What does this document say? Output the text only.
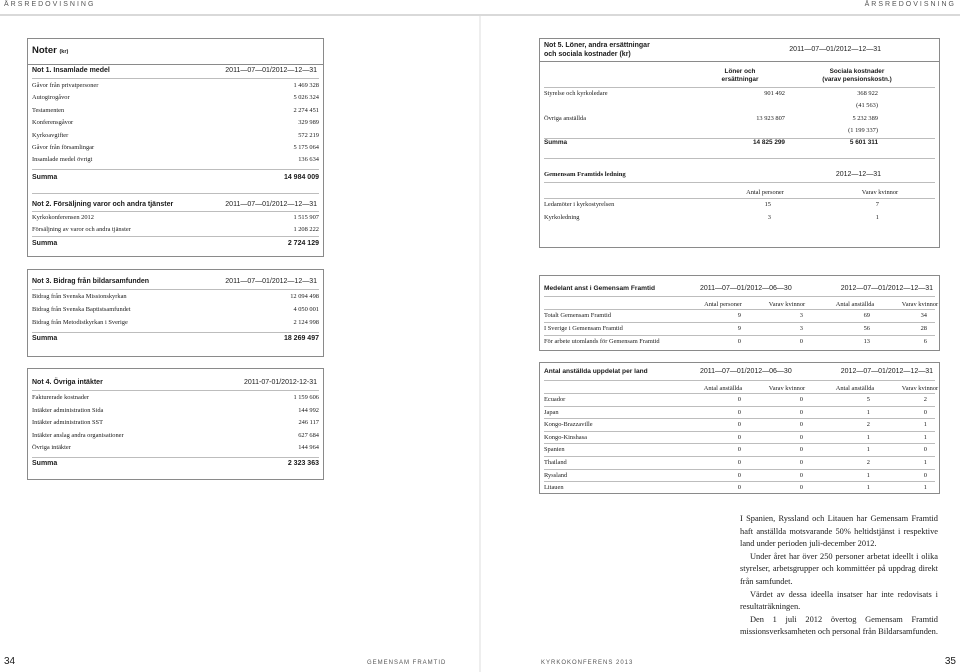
ÅRSREDOVISNING	ÅRSREDOVISNING
Noter (kr)
Not 1. Insamlade medel	2011—07—01/2012—12—31
Gåvor från privatpersoner	1 469 328
Autogirogåvor	5 026 324
Testamenten	2 274 451
Konferensgåvor	329 989
Kyrkoavgifter	572 219
Gåvor från församlingar	5 175 064
Insamlade medel övrigt	136 634
Summa	14 984 009
Not 2. Försäljning varor och andra tjänster	2011—07—01/2012—12—31
Kyrkokonferensen 2012	1 515 907
Försäljning av varor och andra tjänster	1 208 222
Summa	2 724 129
Not 3. Bidrag från bildarsamfunden	2011—07—01/2012—12—31
Bidrag från Svenska Missionskyrkan	12 094 498
Bidrag från Svenska Baptistsamfundet	4 050 001
Bidrag från Metodistkyrkan i Sverige	2 124 998
Summa	18 269 497
Not 4. Övriga intäkter	2011-07-01/2012-12-31
Fakturerade kostnader	1 159 606
Intäkter administration Sida	144 992
Intäkter administration SST	246 117
Intäkter anslag andra organisationer	627 684
Övriga intäkter	144 964
Summa	2 323 363
Not 5. Löner, andra ersättningar
och sociala kostnader (kr)
2011—07—01/2012—12—31
Löner och
ersättningar
Sociala kostnader
(varav pensionskostn.)
Styrelse och kyrkoledare	901 492	368 922
(41 563)
Övriga anställda	13 923 807	5 232 389
(1 199 337)
Summa	14 825 299	5 601 311
Gemensam Framtids ledning	2012—12—31
Antal personer	Varav kvinnor
Ledamöter i kyrkostyrelsen	15	7
Kyrkoledning	3	1
Medelant anst i Gemensam Framtid	2011—07—01/2012—06—30	2012—07—01/2012—12—31
Antal personer	Varav kvinnor	Antal anställda	Varav kvinnor
Totalt Gemensam Framtid	9	3	69	34
I Sverige i Gemensam Framtid	9	3	56	28
För arbete utomlands för Gemensam Framtid	0	0	13	6
Antal anställda uppdelat per land	2011—07—01/2012—06—30	2012—07—01/2012—12—31
Antal anställda	Varav kvinnor	Antal anställda	Varav kvinnor
Ecuador	0	0	5	2
Japan	0	0	1	0
Kongo-Brazzaville	0	0	2	1
Kongo-Kinshasa	0	0	1	1
Spanien	0	0	1	0
Thailand	0	0	2	1
Ryssland	0	0	1	0
Litauen	0	0	1	1

I Spanien, Ryssland och Litauen har Gemensam Framtid haft anställda motsvarande 50% heltidstjänst i respektive land under perioden juli-december 2012.

Under året har över 250 personer arbetat ideellt i olika styrelser, arbetsgrupper och kommittéer på uppdrag direkt från samfundet.

Värdet av dessa ideella insatser har inte redovisats i resultaträkningen.

Den 1 juli 2012 övertog Gemensam Framtid missionsverksamheten och personal från Bildarsamfunden.

34	GEMENSAM FRAMTID	KYRKOKONFERENS 2013	35
